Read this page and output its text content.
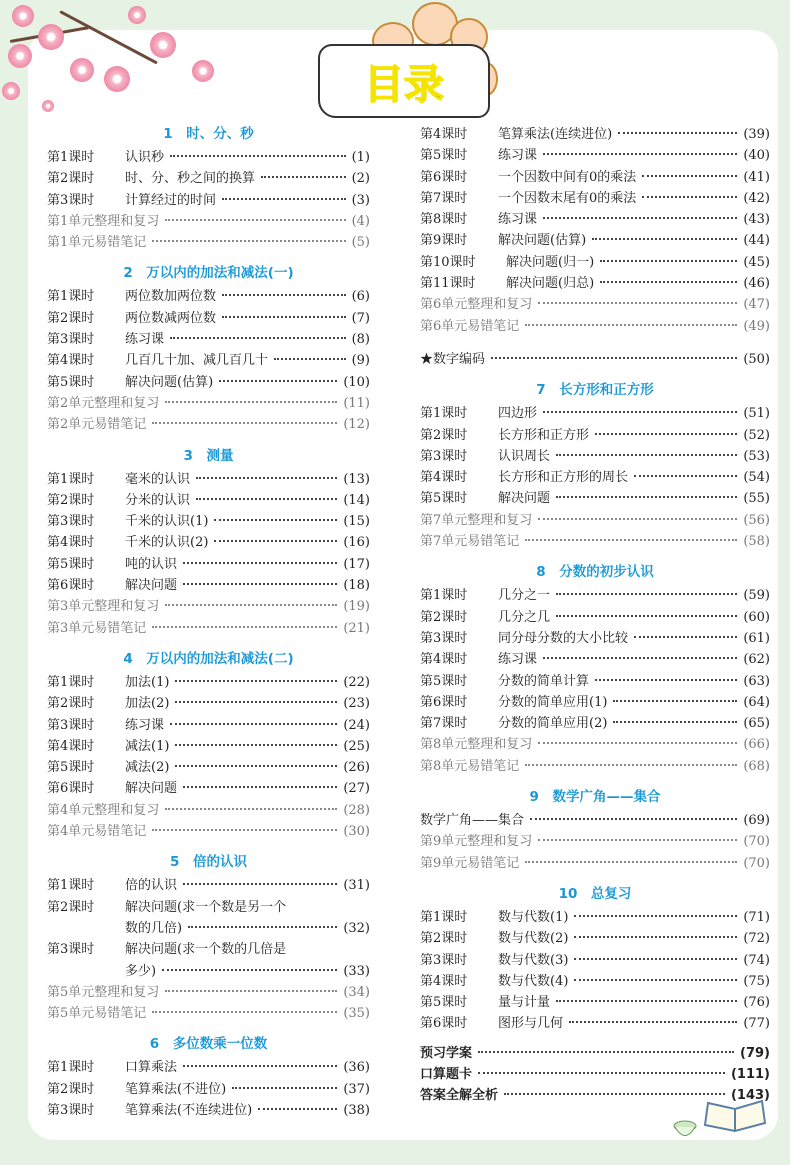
目录
1　时、分、秒
第1课时	认识秒	(1)
第2课时	时、分、秒之间的换算	(2)
第3课时	计算经过的时间	(3)
第1单元整理和复习	(4)
第1单元易错笔记	(5)
2　万以内的加法和减法(一)
第1课时	两位数加两位数	(6)
第2课时	两位数减两位数	(7)
第3课时	练习课	(8)
第4课时	几百几十加、减几百几十	(9)
第5课时	解决问题(估算)	(10)
第2单元整理和复习	(11)
第2单元易错笔记	(12)
3　测量
第1课时	毫米的认识	(13)
第2课时	分米的认识	(14)
第3课时	千米的认识(1)	(15)
第4课时	千米的认识(2)	(16)
第5课时	吨的认识	(17)
第6课时	解决问题	(18)
第3单元整理和复习	(19)
第3单元易错笔记	(21)
4　万以内的加法和减法(二)
第1课时	加法(1)	(22)
第2课时	加法(2)	(23)
第3课时	练习课	(24)
第4课时	减法(1)	(25)
第5课时	减法(2)	(26)
第6课时	解决问题	(27)
第4单元整理和复习	(28)
第4单元易错笔记	(30)
5　倍的认识
第1课时	倍的认识	(31)
第2课时	解决问题(求一个数是另一个
数的几倍)	(32)
第3课时	解决问题(求一个数的几倍是
多少)	(33)
第5单元整理和复习	(34)
第5单元易错笔记	(35)
6　多位数乘一位数
第1课时	口算乘法	(36)
第2课时	笔算乘法(不进位)	(37)
第3课时	笔算乘法(不连续进位)	(38)
第4课时	笔算乘法(连续进位)	(39)
第5课时	练习课	(40)
第6课时	一个因数中间有0的乘法	(41)
第7课时	一个因数末尾有0的乘法	(42)
第8课时	练习课	(43)
第9课时	解决问题(估算)	(44)
第10课时	解决问题(归一)	(45)
第11课时	解决问题(归总)	(46)
第6单元整理和复习	(47)
第6单元易错笔记	(49)
★数字编码	(50)
7　长方形和正方形
第1课时	四边形	(51)
第2课时	长方形和正方形	(52)
第3课时	认识周长	(53)
第4课时	长方形和正方形的周长	(54)
第5课时	解决问题	(55)
第7单元整理和复习	(56)
第7单元易错笔记	(58)
8　分数的初步认识
第1课时	几分之一	(59)
第2课时	几分之几	(60)
第3课时	同分母分数的大小比较	(61)
第4课时	练习课	(62)
第5课时	分数的简单计算	(63)
第6课时	分数的简单应用(1)	(64)
第7课时	分数的简单应用(2)	(65)
第8单元整理和复习	(66)
第8单元易错笔记	(68)
9　数学广角——集合
数学广角——集合	(69)
第9单元整理和复习	(70)
第9单元易错笔记	(70)
10　总复习
第1课时	数与代数(1)	(71)
第2课时	数与代数(2)	(72)
第3课时	数与代数(3)	(74)
第4课时	数与代数(4)	(75)
第5课时	量与计量	(76)
第6课时	图形与几何	(77)
预习学案	(79)
口算题卡	(111)
答案全解全析	(143)
